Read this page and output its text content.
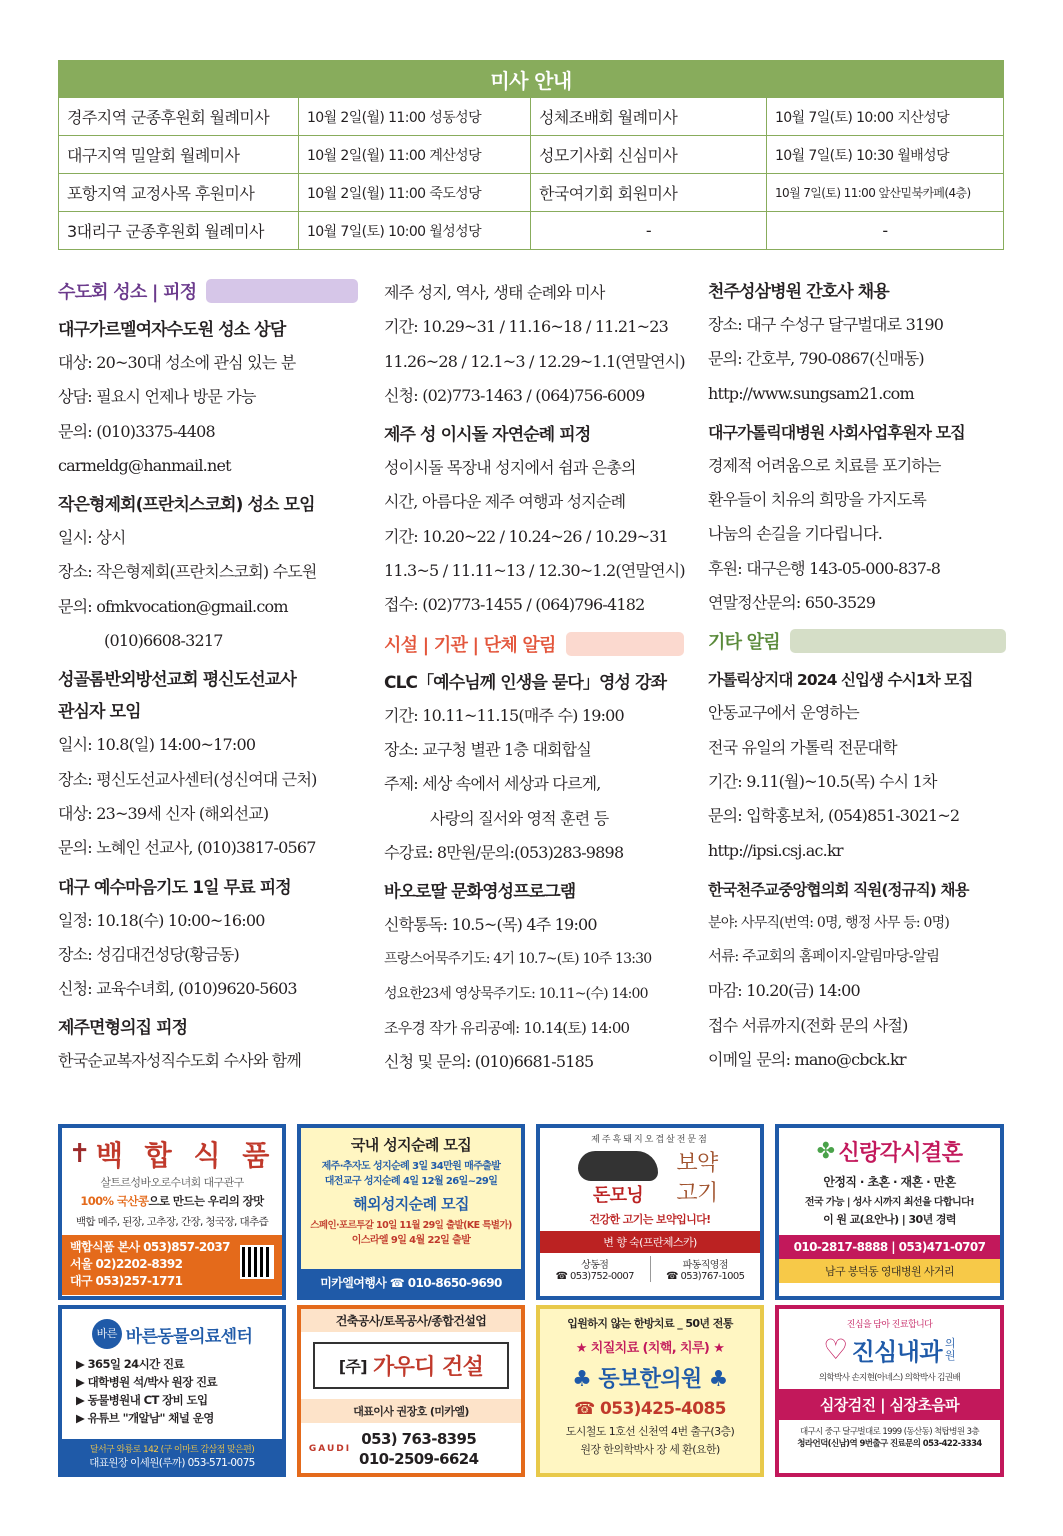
미사 안내			
경주지역 군종후원회 월례미사	10월 2일(월) 11:00 성동성당	성체조배회 월례미사	10월 7일(토) 10:00 지산성당
대구지역 밀알회 월례미사	10월 2일(월) 11:00 계산성당	성모기사회 신심미사	10월 7일(토) 10:30 월배성당
포항지역 교정사목 후원미사	10월 2일(월) 11:00 죽도성당	한국여기회 회원미사	10월 7일(토) 11:00 앞산밑북카페(4층)
3대리구 군종후원회 월례미사	10월 7일(토) 10:00 월성성당	-	-
수도회 성소 | 피정
대구가르멜여자수도원 성소 상담

대상: 20~30대 성소에 관심 있는 분

상담: 필요시 언제나 방문 가능

문의: (010)3375-4408

carmeldg@hanmail.net

작은형제회(프란치스코회) 성소 모임

일시: 상시

장소: 작은형제회(프란치스코회) 수도원

문의: ofmkvocation@gmail.com

(010)6608-3217

성골롬반외방선교회 평신도선교사
관심자 모임

일시: 10.8(일) 14:00~17:00

장소: 평신도선교사센터(성신여대 근처)

대상: 23~39세 신자 (해외선교)

문의: 노혜인 선교사, (010)3817-0567

대구 예수마음기도 1일 무료 피정

일정: 10.18(수) 10:00~16:00

장소: 성김대건성당(황금동)

신청: 교육수녀회, (010)9620-5603

제주면형의집 피정

한국순교복자성직수도회 수사와 함께

제주 성지, 역사, 생태 순례와 미사

기간: 10.29~31 / 11.16~18 / 11.21~23

11.26~28 / 12.1~3 / 12.29~1.1(연말연시)

신청: (02)773-1463 / (064)756-6009

제주 성 이시돌 자연순례 피정

성이시돌 목장내 성지에서 쉼과 은총의

시간, 아름다운 제주 여행과 성지순례

기간: 10.20~22 / 10.24~26 / 10.29~31

11.3~5 / 11.11~13 / 12.30~1.2(연말연시)

접수: (02)773-1455 / (064)796-4182

시설 | 기관 | 단체 알림
CLC「예수님께 인생을 묻다」영성 강좌

기간: 10.11~11.15(매주 수) 19:00

장소: 교구청 별관 1층 대회합실

주제: 세상 속에서 세상과 다르게,

사랑의 질서와 영적 훈련 등

수강료: 8만원/문의:(053)283-9898

바오로딸 문화영성프로그램

신학통독: 10.5~(목) 4주 19:00

프랑스어묵주기도: 4기 10.7~(토) 10주 13:30

성요한23세 영상묵주기도: 10.11~(수) 14:00

조우경 작가 유리공예: 10.14(토) 14:00

신청 및 문의: (010)6681-5185

천주성삼병원 간호사 채용

장소: 대구 수성구 달구벌대로 3190

문의: 간호부, 790-0867(신매동)

http://www.sungsam21.com

대구가톨릭대병원 사회사업후원자 모집

경제적 어려움으로 치료를 포기하는

환우들이 치유의 희망을 가지도록

나눔의 손길을 기다립니다.

후원: 대구은행 143-05-000-837-8

연말정산문의: 650-3529

기타 알림
가톨릭상지대 2024 신입생 수시1차 모집

안동교구에서 운영하는

전국 유일의 가톨릭 전문대학

기간: 9.11(월)~10.5(목) 수시 1차

문의: 입학홍보처, (054)851-3021~2

http://ipsi.csj.ac.kr

한국천주교중앙협의회 직원(정규직) 채용

분야: 사무직(번역: 0명, 행정 사무 등: 0명)

서류: 주교회의 홈페이지-알림마당-알림

마감: 10.20(금) 14:00

접수 서류까지(전화 문의 사절)

이메일 문의: mano@cbck.kr

✝ 백 합 식 품
살트르성바오로수녀회 대구관구
100% 국산콩으로 만드는 우리의 장맛
백합 메주, 된장, 고추장, 간장, 청국장, 대추즙
백합식품 본사 053)857-2037
서울 02)2202-8392
대구 053)257-1771
국내 성지순례 모집
제주·추자도 성지순례 3일 34만원 매주출발
대전교구 성지순례 4일 12월 26일~29일
해외성지순례 모집
스페인·포르투갈 10일 11월 29일 출발(KE 특별가)
이스라엘 9일 4월 22일 출발
미카엘여행사 ☎ 010-8650-9690
제주흑돼지오겹살전문점
돈모닝
보약 고기
건강한 고기는 보약입니다!
변 향 숙(프란체스카)
상동점
☎ 053)752-0007
파동직영점
☎ 053)767-1005
✤ 신랑각시결혼
안정직 · 초혼 · 재혼 · 만혼
전국 가능 | 성사 시까지 최선을 다합니다!
이 원 교(요안나) | 30년 경력
010-2817-8888 | 053)471-0707
남구 봉덕동 영대병원 사거리
바른 바른동물의료센터
▶ 365일 24시간 진료
▶ 대학병원 석/박사 원장 진료
▶ 동물병원내 CT 장비 도입
▶ 유튜브 "개알남" 채널 운영
달서구 와룡로 142 (구 이마트 감삼점 맞은편)
대표원장 이세원(루까) 053-571-0075
건축공사/토목공사/종합건설업
[주] 가우디 건설
대표이사 권장호 (미카엘)
GAUDI
053) 763-8395
010-2509-6624
입원하지 않는 한방치료 _ 50년 전통
★ 치질치료 (치핵, 치루) ★
♣ 동보한의원 ♣
☎ 053)425-4085
도시철도 1호선 신천역 4번 출구(3층)
원장 한의학박사 장 세 환(요한)
진심을 담아 진료합니다
♡ 진심내과 의원
의학박사 손지현(아네스) 의학박사 김권배
심장검진 | 심장초음파
대구시 중구 달구벌대로 1999 (동산동) 척탑병원 3층
청라언덕(신남)역 9번출구 진료문의 053-422-3334
